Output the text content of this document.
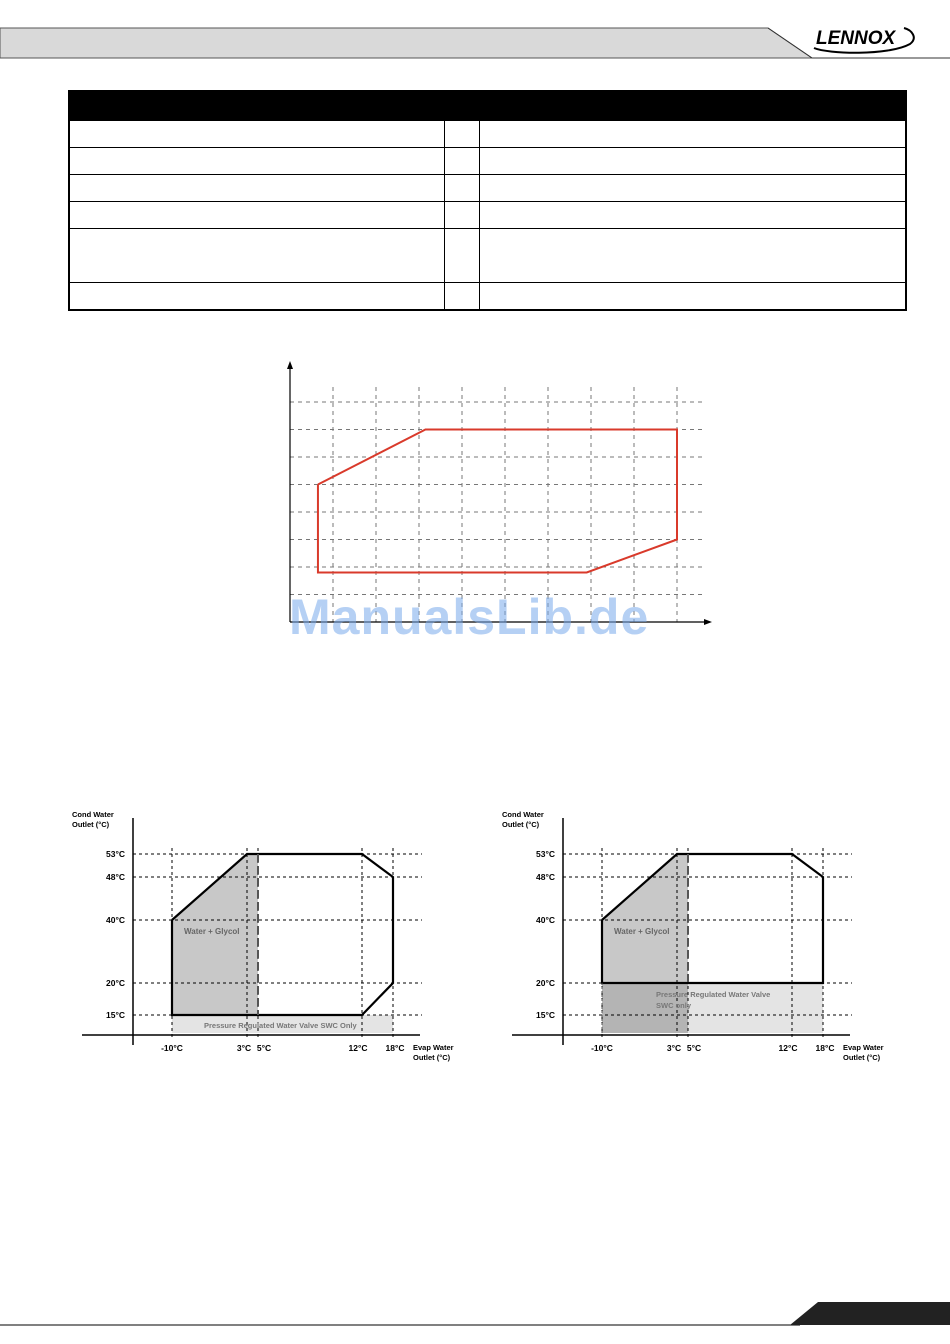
LENNOX

ManualsLib.de
53°C
48°C
40°C
20°C
15°C
-10°C	3°C 5°C	12°C 18°C
Cond Water
Outlet (°C)
Evap Water
Outlet (°C)
Water + Glycol
Pressure Regulated Water Valve SWC Only
53°C
48°C
40°C
20°C
15°C
-10°C	3°C 5°C	12°C 18°C
Cond Water
Outlet (°C)
Evap Water
Outlet (°C)
Water + Glycol
Pressure Regulated Water Valve
SWC only
